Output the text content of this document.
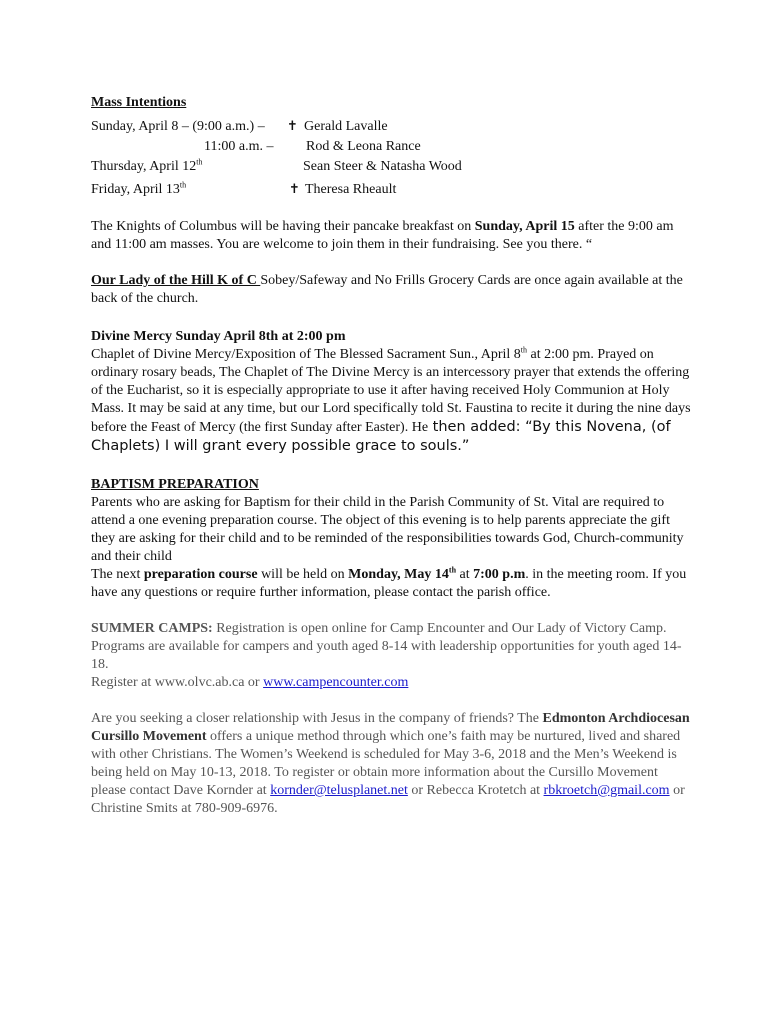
Mass Intentions
Sunday, April 8 – (9:00 a.m.) – ✝ Gerald Lavalle
11:00 a.m. – Rod & Leona Rance
Thursday, April 12th	Sean Steer & Natasha Wood
Friday, April 13th	✝ Theresa Rheault

The Knights of Columbus will be having their pancake breakfast on Sunday, April 15 after the 9:00 am and 11:00 am masses. You are welcome to join them in their fundraising. See you there. “

Our Lady of the Hill K of C Sobey/Safeway and No Frills Grocery Cards are once again available at the back of the church.

Divine Mercy Sunday April 8th at 2:00 pm

Chaplet of Divine Mercy/Exposition of The Blessed Sacrament Sun., April 8th at 2:00 pm. Prayed on ordinary rosary beads, The Chaplet of The Divine Mercy is an intercessory prayer that extends the offering of the Eucharist, so it is especially appropriate to use it after having received Holy Communion at Holy Mass. It may be said at any time, but our Lord specifically told St. Faustina to recite it during the nine days before the Feast of Mercy (the first Sunday after Easter). He then added: “By this Novena, (of Chaplets) I will grant every possible grace to souls.”

BAPTISM PREPARATION

Parents who are asking for Baptism for their child in the Parish Community of St. Vital are required to attend a one evening preparation course. The object of this evening is to help parents appreciate the gift they are asking for their child and to be reminded of the responsibilities towards God, Church-community and their child

The next preparation course will be held on Monday, May 14th at 7:00 p.m. in the meeting room. If you have any questions or require further information, please contact the parish office.

SUMMER CAMPS: Registration is open online for Camp Encounter and Our Lady of Victory Camp. Programs are available for campers and youth aged 8-14 with leadership opportunities for youth aged 14-18.

Register at www.olvc.ab.ca or www.campencounter.com

Are you seeking a closer relationship with Jesus in the company of friends? The Edmonton Archdiocesan Cursillo Movement offers a unique method through which one’s faith may be nurtured, lived and shared with other Christians. The Women’s Weekend is scheduled for May 3-6, 2018 and the Men’s Weekend is being held on May 10-13, 2018. To register or obtain more information about the Cursillo Movement please contact Dave Kornder at kornder@telusplanet.net or Rebecca Krotetch at rbkroetch@gmail.com or Christine Smits at 780-909-6976.
